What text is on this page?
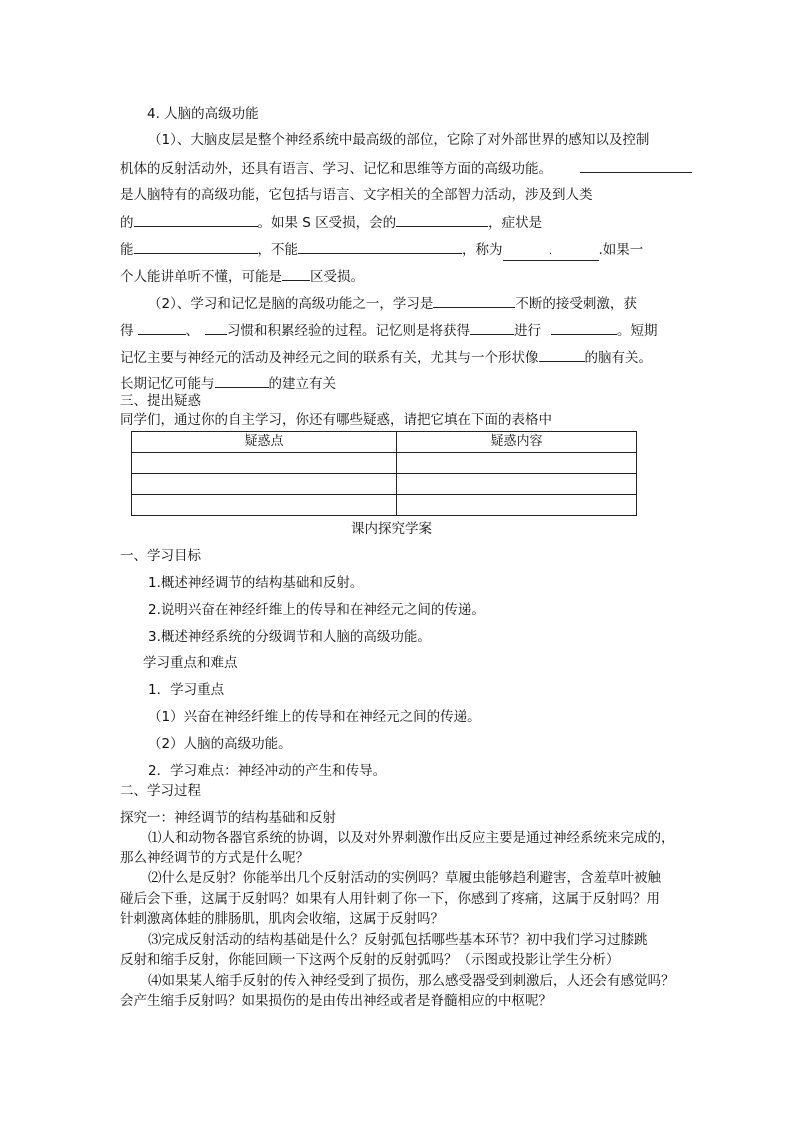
4. 人脑的高级功能
（1）、大脑皮层是整个神经系统中最高级的部位，它除了对外部世界的感知以及控制
机体的反射活动外，还具有语言、学习、记忆和思维等方面的高级功能。
是人脑特有的高级功能，它包括与语言、文字相关的全部智力活动，涉及到人类
的	。如果 S 区受损，会的	，症状是
能	，不能	，称为	.	.如果一
个人能讲单听不懂，可能是 区受损。
（2）、学习和记忆是脑的高级功能之一，学习是	不断的接受刺激，获
得	、 习惯和积累经验的过程。记忆则是将获得	进行	。短期
记忆主要与神经元的活动及神经元之间的联系有关，尤其与一个形状像	的脑有关。
长期记忆可能与	的建立有关
三、提出疑惑
同学们，通过你的自主学习，你还有哪些疑惑，请把它填在下面的表格中
疑惑点	疑惑内容

课内探究学案
一、学习目标
1.概述神经调节的结构基础和反射。
2.说明兴奋在神经纤维上的传导和在神经元之间的传递。
3.概述神经系统的分级调节和人脑的高级功能。
学习重点和难点
1．学习重点
（1）兴奋在神经纤维上的传导和在神经元之间的传递。
（2）人脑的高级功能。
2．学习难点：神经冲动的产生和传导。
二、学习过程
探究一：神经调节的结构基础和反射
⑴人和动物各器官系统的协调，以及对外界刺激作出反应主要是通过神经系统来完成的，
那么神经调节的方式是什么呢？
⑵什么是反射？你能举出几个反射活动的实例吗？草履虫能够趋利避害，含羞草叶被触
碰后会下垂，这属于反射吗？如果有人用针刺了你一下，你感到了疼痛，这属于反射吗？用
针刺激离体蛙的腓肠肌，肌肉会收缩，这属于反射吗？
⑶完成反射活动的结构基础是什么？反射弧包括哪些基本环节？初中我们学习过膝跳
反射和缩手反射，你能回顾一下这两个反射的反射弧吗？（示图或投影让学生分析）
⑷如果某人缩手反射的传入神经受到了损伤，那么感受器受到刺激后，人还会有感觉吗？
会产生缩手反射吗？如果损伤的是由传出神经或者是脊髓相应的中枢呢？
